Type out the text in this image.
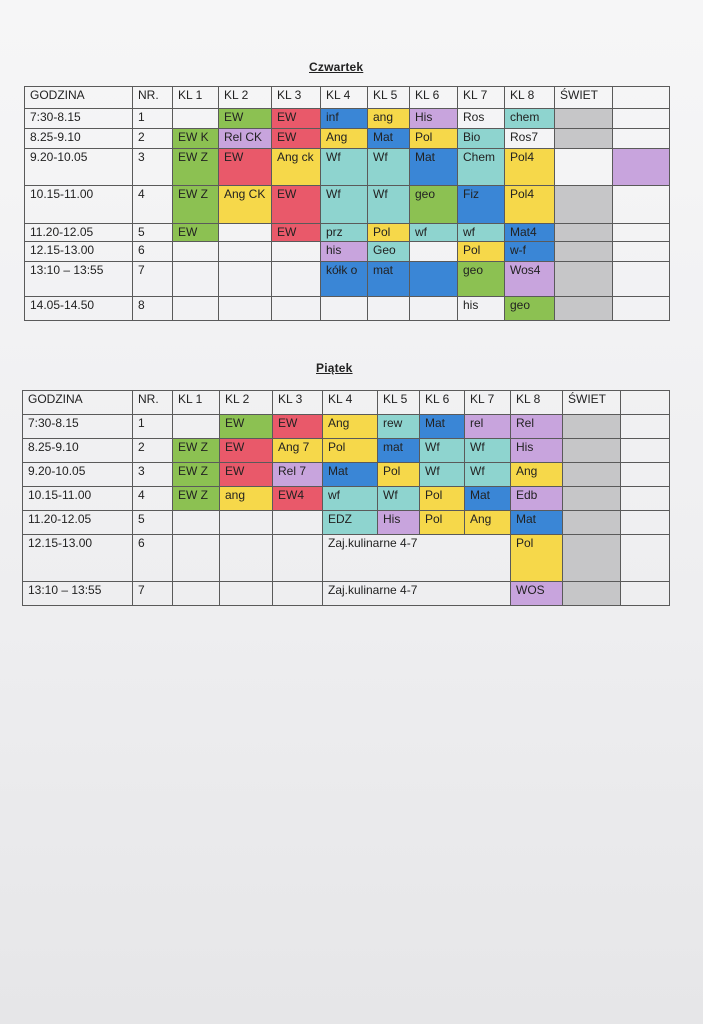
Czwartek
GODZINA	NR.	KL 1	KL 2	KL 3	KL 4	KL 5	KL 6	KL 7	KL 8	ŚWIET	
7:30-8.15	1		EW	EW	inf	ang	His	Ros	chem		
8.25-9.10	2	EW K	Rel CK	EW	Ang	Mat	Pol	Bio	Ros7		
9.20-10.05	3	EW Z	EW	Ang ck	Wf	Wf	Mat	Chem	Pol4		
10.15-11.00	4	EW Z	Ang CK	EW	Wf	Wf	geo	Fiz	Pol4		
11.20-12.05	5	EW		EW	prz	Pol	wf	wf	Mat4		
12.15-13.00	6				his	Geo		Pol	w-f		
13:10 – 13:55	7				kółk o	mat		geo	Wos4		
14.05-14.50	8							his	geo		
Piątek
GODZINA	NR.	KL 1	KL 2	KL 3	KL 4	KL 5	KL 6	KL 7	KL 8	ŚWIET	
7:30-8.15	1		EW	EW	Ang	rew	Mat	rel	Rel		
8.25-9.10	2	EW Z	EW	Ang 7	Pol	mat	Wf	Wf	His		
9.20-10.05	3	EW Z	EW	Rel 7	Mat	Pol	Wf	Wf	Ang		
10.15-11.00	4	EW Z	ang	EW4	wf	Wf	Pol	Mat	Edb		
11.20-12.05	5				EDZ	His	Pol	Ang	Mat		
12.15-13.00	6				Zaj.kulinarne 4-7				Pol		
13:10 – 13:55	7				Zaj.kulinarne 4-7				WOS		
